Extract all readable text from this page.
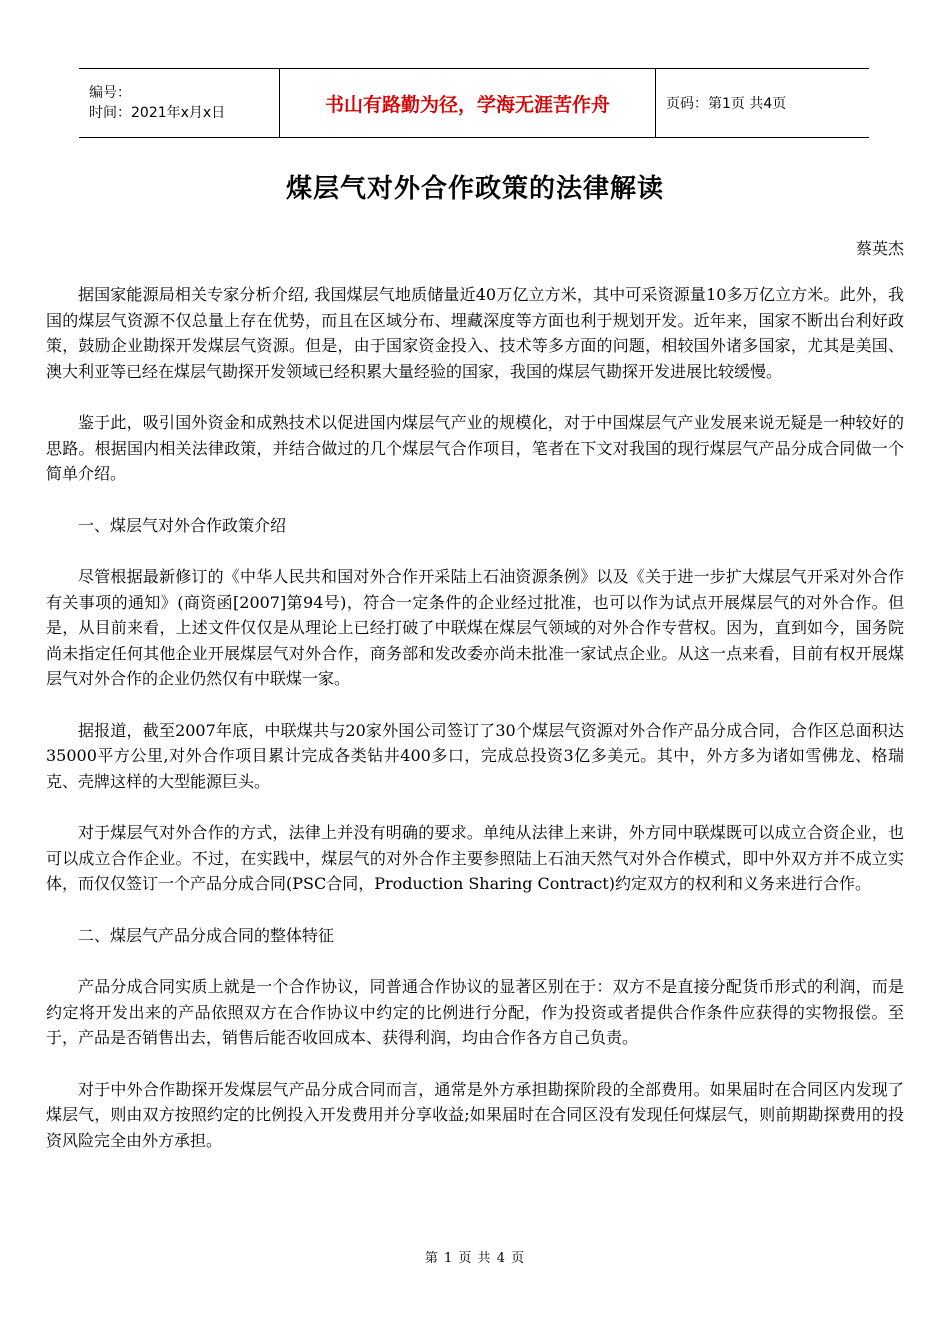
编号：
时间：2021年x月x日	书山有路勤为径，学海无涯苦作舟	页码：第1页 共4页
煤层气对外合作政策的法律解读
蔡英杰

据国家能源局相关专家分析介绍, 我国煤层气地质储量近40万亿立方米，其中可采资源量10多万亿立方米。此外，我国的煤层气资源不仅总量上存在优势，而且在区域分布、埋藏深度等方面也利于规划开发。近年来，国家不断出台利好政策，鼓励企业勘探开发煤层气资源。但是，由于国家资金投入、技术等多方面的问题，相较国外诸多国家，尤其是美国、澳大利亚等已经在煤层气勘探开发领域已经积累大量经验的国家，我国的煤层气勘探开发进展比较缓慢。

鉴于此，吸引国外资金和成熟技术以促进国内煤层气产业的规模化，对于中国煤层气产业发展来说无疑是一种较好的思路。根据国内相关法律政策，并结合做过的几个煤层气合作项目，笔者在下文对我国的现行煤层气产品分成合同做一个简单介绍。

一、煤层气对外合作政策介绍

尽管根据最新修订的《中华人民共和国对外合作开采陆上石油资源条例》以及《关于进一步扩大煤层气开采对外合作有关事项的通知》(商资函[2007]第94号)，符合一定条件的企业经过批准，也可以作为试点开展煤层气的对外合作。但是，从目前来看，上述文件仅仅是从理论上已经打破了中联煤在煤层气领域的对外合作专营权。因为，直到如今，国务院尚未指定任何其他企业开展煤层气对外合作，商务部和发改委亦尚未批准一家试点企业。从这一点来看，目前有权开展煤层气对外合作的企业仍然仅有中联煤一家。

据报道，截至2007年底，中联煤共与20家外国公司签订了30个煤层气资源对外合作产品分成合同，合作区总面积达35000平方公里,对外合作项目累计完成各类钻井400多口，完成总投资3亿多美元。其中，外方多为诸如雪佛龙、格瑞克、壳牌这样的大型能源巨头。

对于煤层气对外合作的方式，法律上并没有明确的要求。单纯从法律上来讲，外方同中联煤既可以成立合资企业，也可以成立合作企业。不过，在实践中，煤层气的对外合作主要参照陆上石油天然气对外合作模式，即中外双方并不成立实体，而仅仅签订一个产品分成合同(PSC合同，Production Sharing Contract)约定双方的权利和义务来进行合作。

二、煤层气产品分成合同的整体特征

产品分成合同实质上就是一个合作协议，同普通合作协议的显著区别在于：双方不是直接分配货币形式的利润，而是约定将开发出来的产品依照双方在合作协议中约定的比例进行分配，作为投资或者提供合作条件应获得的实物报偿。至于，产品是否销售出去，销售后能否收回成本、获得利润，均由合作各方自己负责。

对于中外合作勘探开发煤层气产品分成合同而言，通常是外方承担勘探阶段的全部费用。如果届时在合同区内发现了煤层气，则由双方按照约定的比例投入开发费用并分享收益;如果届时在合同区没有发现任何煤层气，则前期勘探费用的投资风险完全由外方承担。

第 1 页 共 4 页
